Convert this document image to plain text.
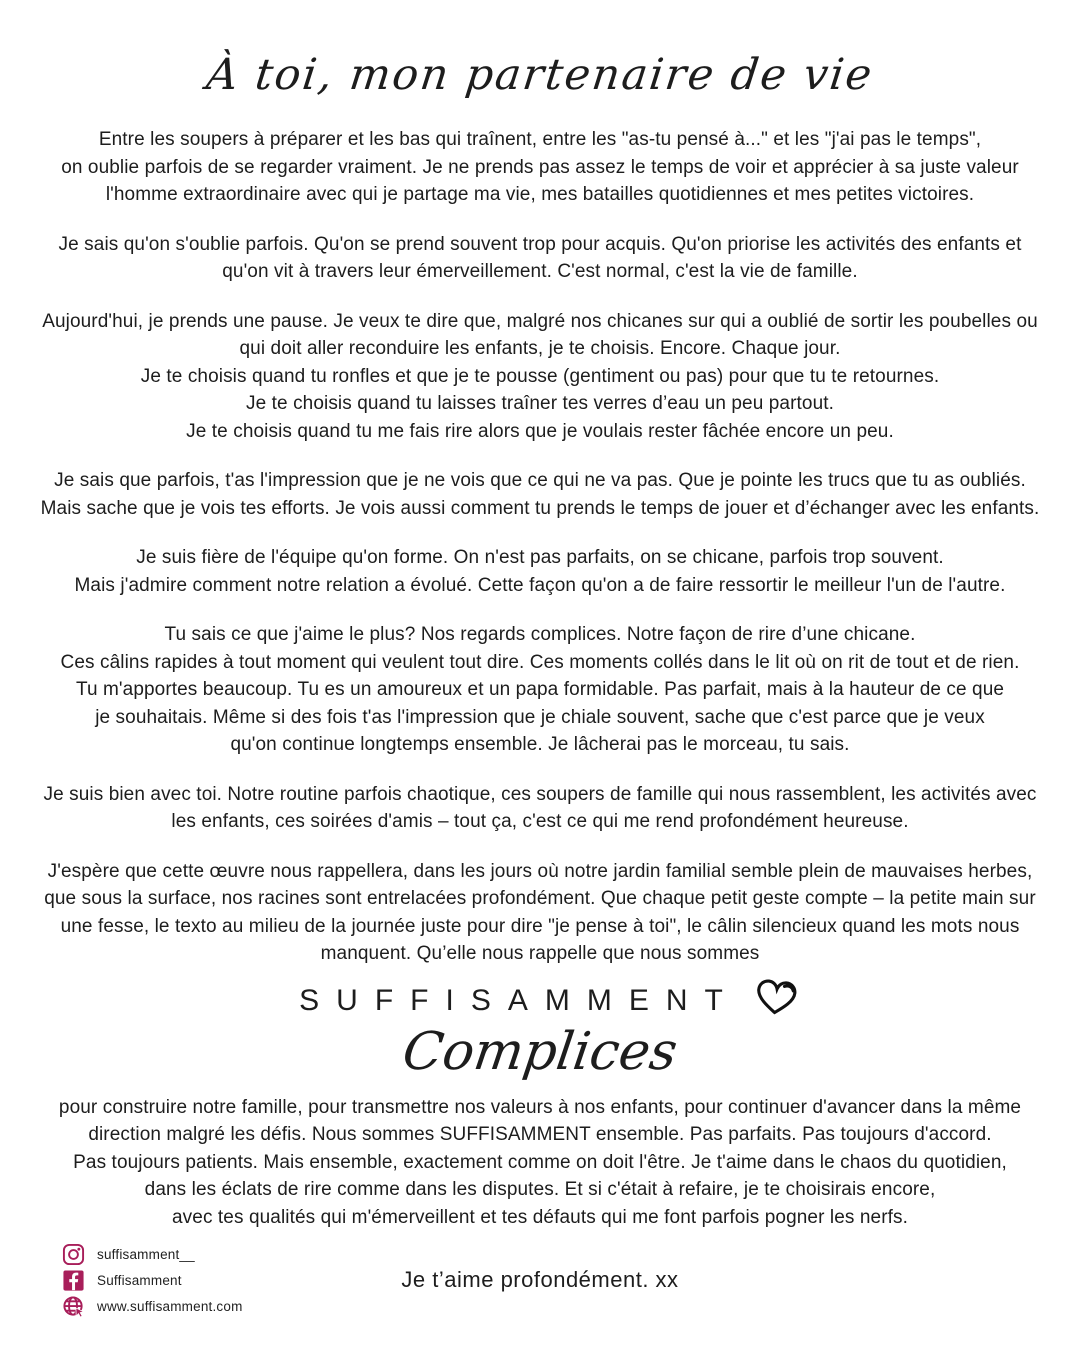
À toi, mon partenaire de vie

Entre les soupers à préparer et les bas qui traînent, entre les "as-tu pensé à..." et les "j'ai pas le temps",
on oublie parfois de se regarder vraiment. Je ne prends pas assez le temps de voir et apprécier à sa juste valeur
l'homme extraordinaire avec qui je partage ma vie, mes batailles quotidiennes et mes petites victoires.

Je sais qu'on s'oublie parfois. Qu'on se prend souvent trop pour acquis. Qu'on priorise les activités des enfants et
qu'on vit à travers leur émerveillement. C'est normal, c'est la vie de famille.

Aujourd'hui, je prends une pause. Je veux te dire que, malgré nos chicanes sur qui a oublié de sortir les poubelles ou
qui doit aller reconduire les enfants, je te choisis. Encore. Chaque jour.
Je te choisis quand tu ronfles et que je te pousse (gentiment ou pas) pour que tu te retournes.
Je te choisis quand tu laisses traîner tes verres d’eau un peu partout.
Je te choisis quand tu me fais rire alors que je voulais rester fâchée encore un peu.

Je sais que parfois, t'as l'impression que je ne vois que ce qui ne va pas. Que je pointe les trucs que tu as oubliés.
Mais sache que je vois tes efforts. Je vois aussi comment tu prends le temps de jouer et d’échanger avec les enfants.

Je suis fière de l'équipe qu'on forme. On n'est pas parfaits, on se chicane, parfois trop souvent.
Mais j'admire comment notre relation a évolué. Cette façon qu'on a de faire ressortir le meilleur l'un de l'autre.

Tu sais ce que j'aime le plus? Nos regards complices. Notre façon de rire d’une chicane.
Ces câlins rapides à tout moment qui veulent tout dire. Ces moments collés dans le lit où on rit de tout et de rien.
Tu m'apportes beaucoup. Tu es un amoureux et un papa formidable. Pas parfait, mais à la hauteur de ce que
je souhaitais. Même si des fois t'as l'impression que je chiale souvent, sache que c'est parce que je veux
qu'on continue longtemps ensemble. Je lâcherai pas le morceau, tu sais.

Je suis bien avec toi. Notre routine parfois chaotique, ces soupers de famille qui nous rassemblent, les activités avec
les enfants, ces soirées d'amis – tout ça, c'est ce qui me rend profondément heureuse.

J'espère que cette œuvre nous rappellera, dans les jours où notre jardin familial semble plein de mauvaises herbes,
que sous la surface, nos racines sont entrelacées profondément. Que chaque petit geste compte – la petite main sur
une fesse, le texto au milieu de la journée juste pour dire "je pense à toi", le câlin silencieux quand les mots nous
manquent. Qu’elle nous rappelle que nous sommes

SUFFISAMMENT
Complices

pour construire notre famille, pour transmettre nos valeurs à nos enfants, pour continuer d'avancer dans la même
direction malgré les défis. Nous sommes SUFFISAMMENT ensemble. Pas parfaits. Pas toujours d'accord.
Pas toujours patients. Mais ensemble, exactement comme on doit l'être. Je t'aime dans le chaos du quotidien,
dans les éclats de rire comme dans les disputes. Et si c'était à refaire, je te choisirais encore,
avec tes qualités qui m'émerveillent et tes défauts qui me font parfois pogner les nerfs.

suffisamment__
Suffisamment
www.suffisamment.com
Je t’aime profondément. xx
